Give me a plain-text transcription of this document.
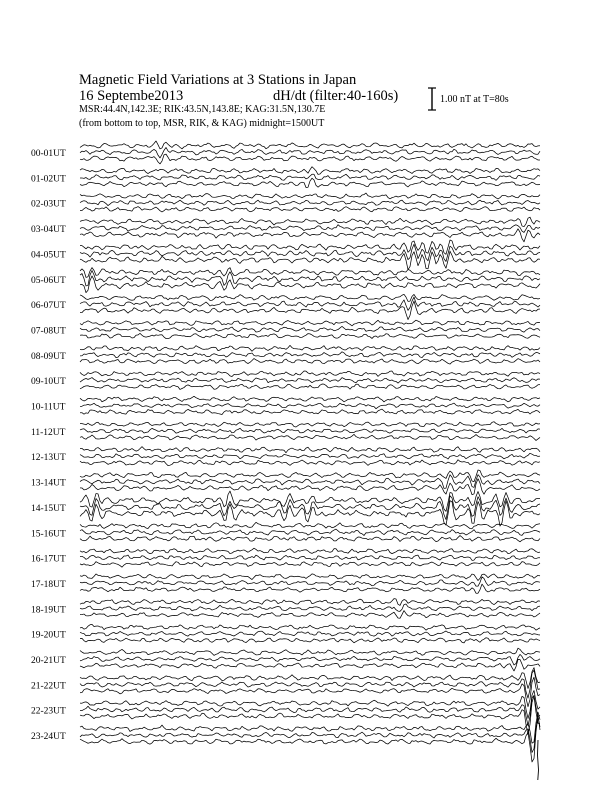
00-01UT
01-02UT
02-03UT
03-04UT
04-05UT
05-06UT
06-07UT
07-08UT
08-09UT
09-10UT
10-11UT
11-12UT
12-13UT
13-14UT
14-15UT
15-16UT
16-17UT
17-18UT
18-19UT
19-20UT
20-21UT
21-22UT
22-23UT
23-24UT
Magnetic Field Variations at 3 Stations in Japan
16 Septembe2013	dH/dt (filter:40-160s)
MSR:44.4N,142.3E; RIK:43.5N,143.8E; KAG:31.5N,130.7E
(from bottom to top, MSR, RIK, & KAG) midnight=1500UT
1.00 nT at T=80s
